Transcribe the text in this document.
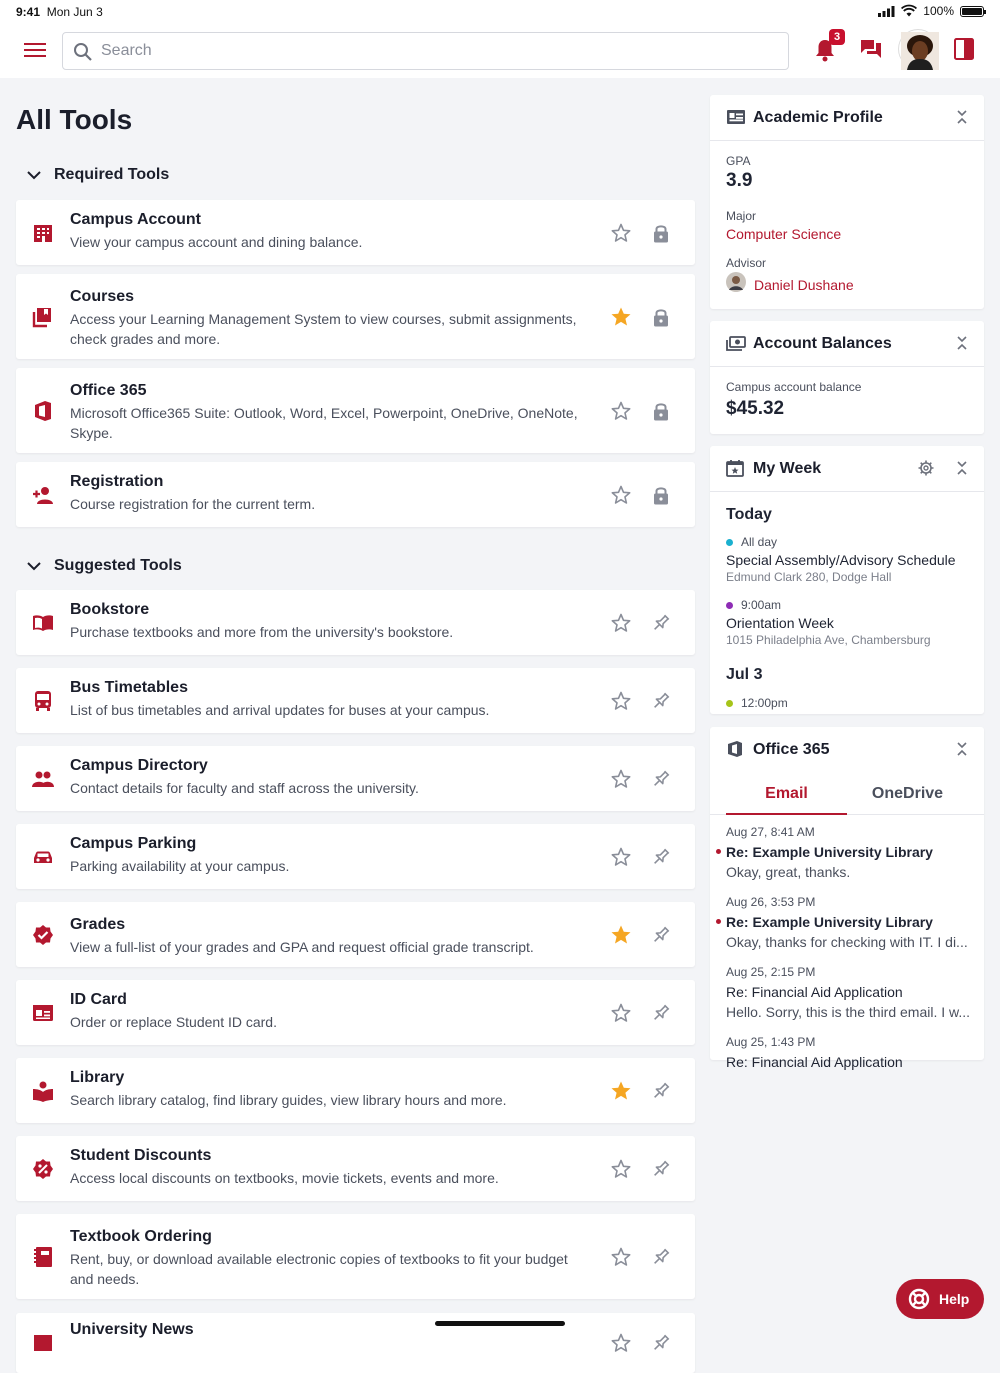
9:41 Mon Jun 3	100%
Search
3
All Tools
Required Tools
Campus Account
View your campus account and dining balance.
Courses
Access your Learning Management System to view courses, submit assignments, check grades and more.
Office 365
Microsoft Office365 Suite: Outlook, Word, Excel, Powerpoint, OneDrive, OneNote, Skype.
Registration
Course registration for the current term.
Suggested Tools
Bookstore
Purchase textbooks and more from the university's bookstore.
Bus Timetables
List of bus timetables and arrival updates for buses at your campus.
Campus Directory
Contact details for faculty and staff across the university.
Campus Parking
Parking availability at your campus.
Grades
View a full-list of your grades and GPA and request official grade transcript.
ID Card
Order or replace Student ID card.
Library
Search library catalog, find library guides, view library hours and more.
Student Discounts
Access local discounts on textbooks, movie tickets, events and more.
Textbook Ordering
Rent, buy, or download available electronic copies of textbooks to fit your budget and needs.
University News
Academic Profile
GPA
3.9
Major
Computer Science
Advisor
Daniel Dushane
Account Balances
Campus account balance
$45.32
My Week
Today
All day
Special Assembly/Advisory Schedule
Edmund Clark 280, Dodge Hall
9:00am
Orientation Week
1015 Philadelphia Ave, Chambersburg
Jul 3
12:00pm
Office 365
Email	OneDrive
Aug 27, 8:41 AM
Re: Example University Library
Okay, great, thanks.
Aug 26, 3:53 PM
Re: Example University Library
Okay, thanks for checking with IT. I di...
Aug 25, 2:15 PM
Re: Financial Aid Application
Hello. Sorry, this is the third email. I w...
Aug 25, 1:43 PM
Re: Financial Aid Application
Help
